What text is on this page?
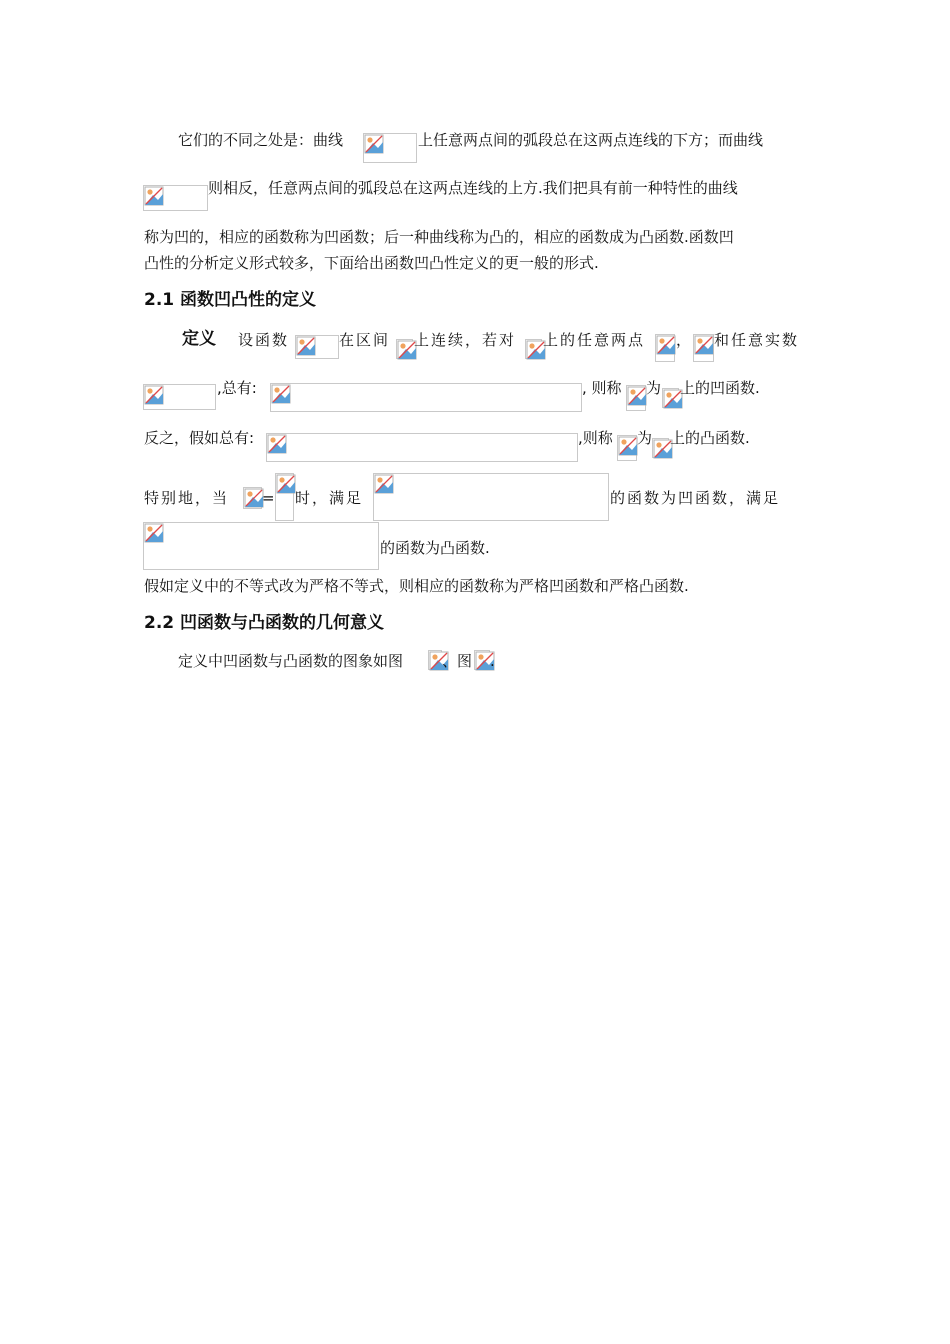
它们的不同之处是：曲线	上任意两点间的弧段总在这两点连线的下方；而曲线
则相反，任意两点间的弧段总在这两点连线的上方.我们把具有前一种特性的曲线
称为凹的，相应的函数称为凹函数；后一种曲线称为凸的，相应的函数成为凸函数.函数凹
凸性的分析定义形式较多，下面给出函数凹凸性定义的更一般的形式.
2.1 函数凹凸性的定义
定义 设函数	在区间 上连续，若对 上的任意两点 ， 和任意实数
,总有:	, 则称 为 上的凹函数.
反之，假如总有:	,则称 为 上的凸函数.
特别地，当 = 时，满足	的函数为凹函数，满足
的函数为凸函数.
假如定义中的不等式改为严格不等式，则相应的函数称为严格凹函数和严格凸函数.
2.2 凹函数与凸函数的几何意义
定义中凹函数与凸函数的图象如图	、图 .
